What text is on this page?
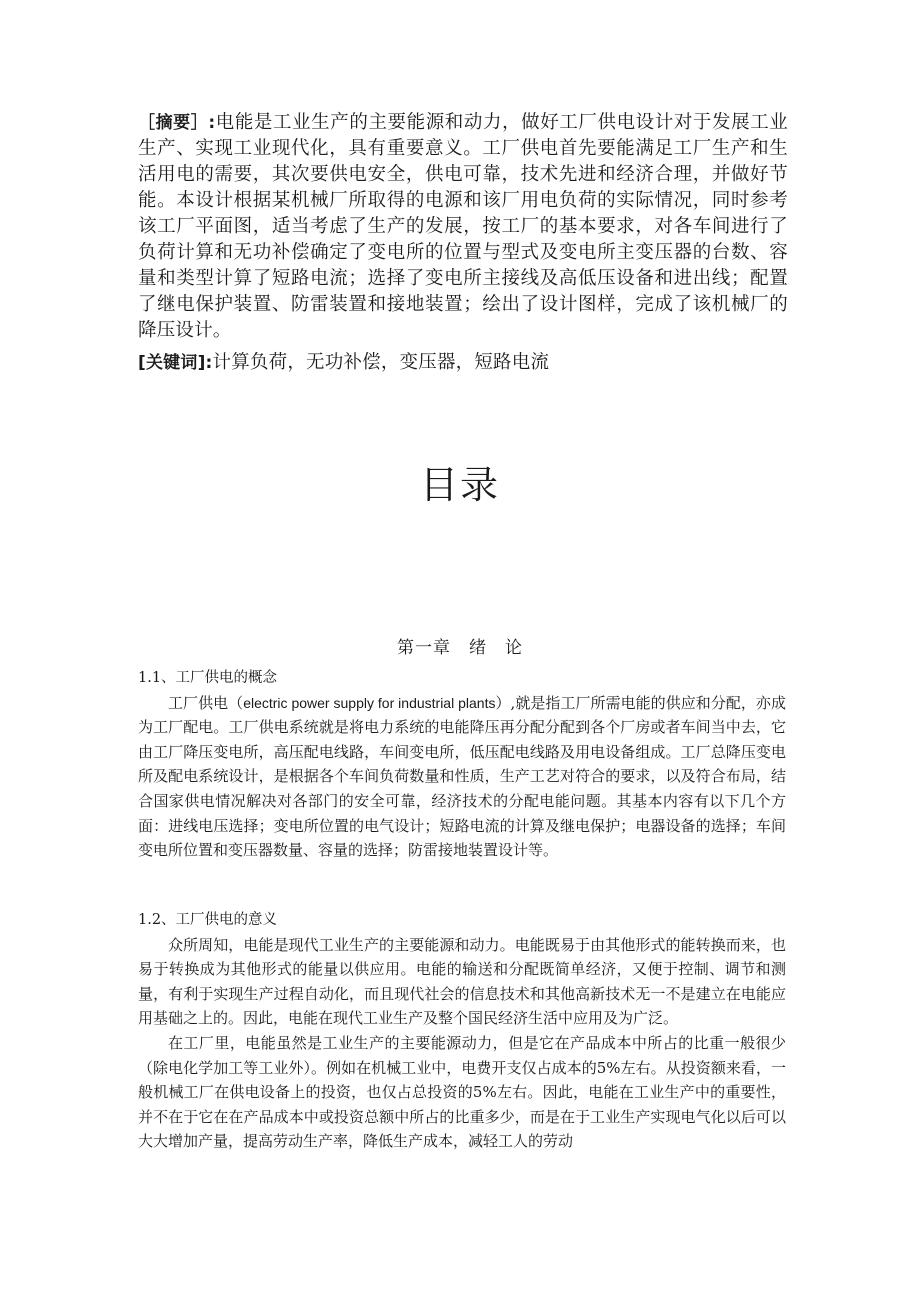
［摘要］:电能是工业生产的主要能源和动力，做好工厂供电设计对于发展工业生产、实现工业现代化，具有重要意义。工厂供电首先要能满足工厂生产和生活用电的需要，其次要供电安全，供电可靠，技术先进和经济合理，并做好节能。本设计根据某机械厂所取得的电源和该厂用电负荷的实际情况，同时参考该工厂平面图，适当考虑了生产的发展，按工厂的基本要求，对各车间进行了负荷计算和无功补偿确定了变电所的位置与型式及变电所主变压器的台数、容量和类型计算了短路电流；选择了变电所主接线及高低压设备和进出线；配置了继电保护装置、防雷装置和接地装置；绘出了设计图样，完成了该机械厂的降压设计。

[关键词]:计算负荷，无功补偿，变压器，短路电流

目录
第一章　绪　论

1.1、工厂供电的概念

工厂供电（electric power supply for industrial plants）,就是指工厂所需电能的供应和分配，亦成为工厂配电。工厂供电系统就是将电力系统的电能降压再分配分配到各个厂房或者车间当中去，它由工厂降压变电所，高压配电线路，车间变电所，低压配电线路及用电设备组成。工厂总降压变电所及配电系统设计，是根据各个车间负荷数量和性质，生产工艺对符合的要求，以及符合布局，结合国家供电情况解决对各部门的安全可靠，经济技术的分配电能问题。其基本内容有以下几个方面：进线电压选择；变电所位置的电气设计；短路电流的计算及继电保护；电器设备的选择；车间变电所位置和变压器数量、容量的选择；防雷接地装置设计等。

1.2、工厂供电的意义

众所周知，电能是现代工业生产的主要能源和动力。电能既易于由其他形式的能转换而来，也易于转换成为其他形式的能量以供应用。电能的输送和分配既简单经济，又便于控制、调节和测量，有利于实现生产过程自动化，而且现代社会的信息技术和其他高新技术无一不是建立在电能应用基础之上的。因此，电能在现代工业生产及整个国民经济生活中应用及为广泛。

在工厂里，电能虽然是工业生产的主要能源动力，但是它在产品成本中所占的比重一般很少（除电化学加工等工业外）。例如在机械工业中，电费开支仅占成本的5%左右。从投资额来看，一般机械工厂在供电设备上的投资，也仅占总投资的5%左右。因此，电能在工业生产中的重要性，并不在于它在在产品成本中或投资总额中所占的比重多少，而是在于工业生产实现电气化以后可以大大增加产量，提高劳动生产率，降低生产成本，减轻工人的劳动
